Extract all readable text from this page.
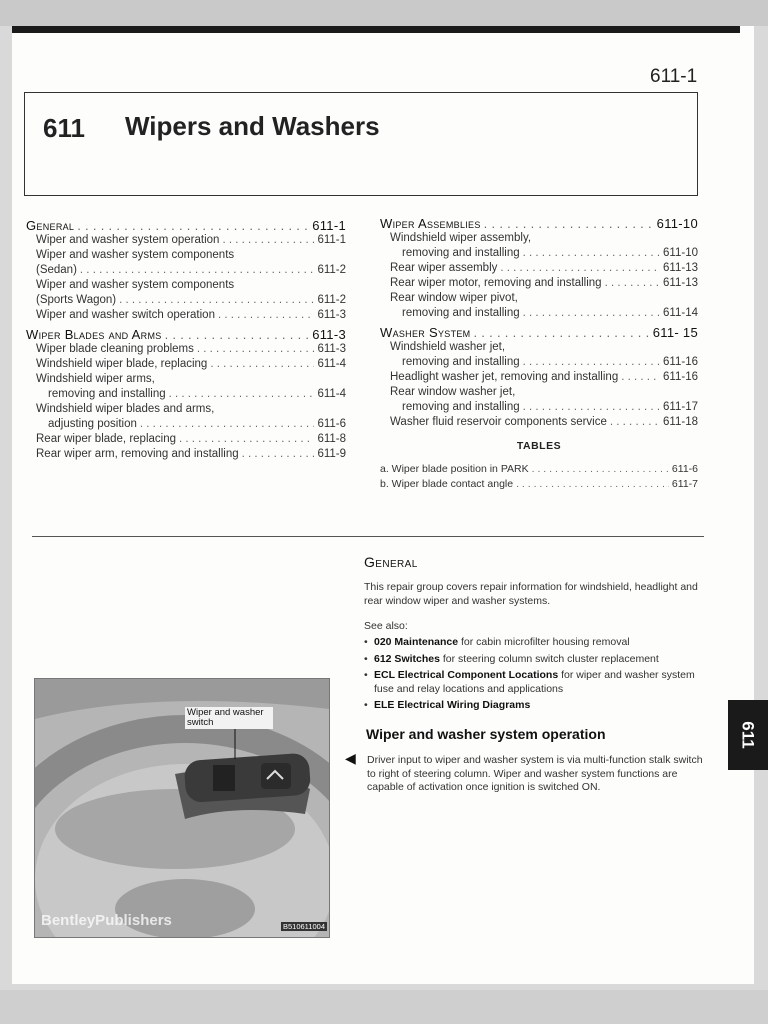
611-1
611 Wipers and Washers
General . . .	611-1
Wiper and washer system operation . . .	611-1
Wiper and washer system components
(Sedan) . . .	611-2
Wiper and washer system components
(Sports Wagon) . . .	611-2
Wiper and washer switch operation . . .	611-3
Wiper Blades and Arms . . .	611-3
Wiper blade cleaning problems . . .	611-3
Windshield wiper blade, replacing . . .	611-4
Windshield wiper arms,
removing and installing . . .	611-4
Windshield wiper blades and arms,
adjusting position . . .	611-6
Rear wiper blade, replacing . . .	611-8
Rear wiper arm, removing and installing . . .	611-9
Wiper Assemblies . . .	611-10
Windshield wiper assembly,
removing and installing . . .	611-10
Rear wiper assembly . . .	611-13
Rear wiper motor, removing and installing . . .	611-13
Rear window wiper pivot,
removing and installing . . .	611-14
Washer System . . .	611- 15
Windshield washer jet,
removing and installing . . .	611-16
Headlight washer jet, removing and installing . . .	611-16
Rear window washer jet,
removing and installing . . .	611-17
Washer fluid reservoir components service . . .	611-18
TABLES
a. Wiper blade position in PARK . . .	611-6
b. Wiper blade contact angle . . .	611-7
General
This repair group covers repair information for windshield, headlight and rear window wiper and washer systems.
See also:
• 020 Maintenance for cabin microfilter housing removal
• 612 Switches for steering column switch cluster replacement
• ECL Electrical Component Locations for wiper and washer system fuse and relay locations and applications
• ELE Electrical Wiring Diagrams
Wiper and washer system operation
◀ Driver input to wiper and washer system is via multi-function stalk switch to right of steering column. Wiper and washer system functions are capable of activation once ignition is switched ON.
611
Wiper and washer switch
BentleyPublishers	B510611004
